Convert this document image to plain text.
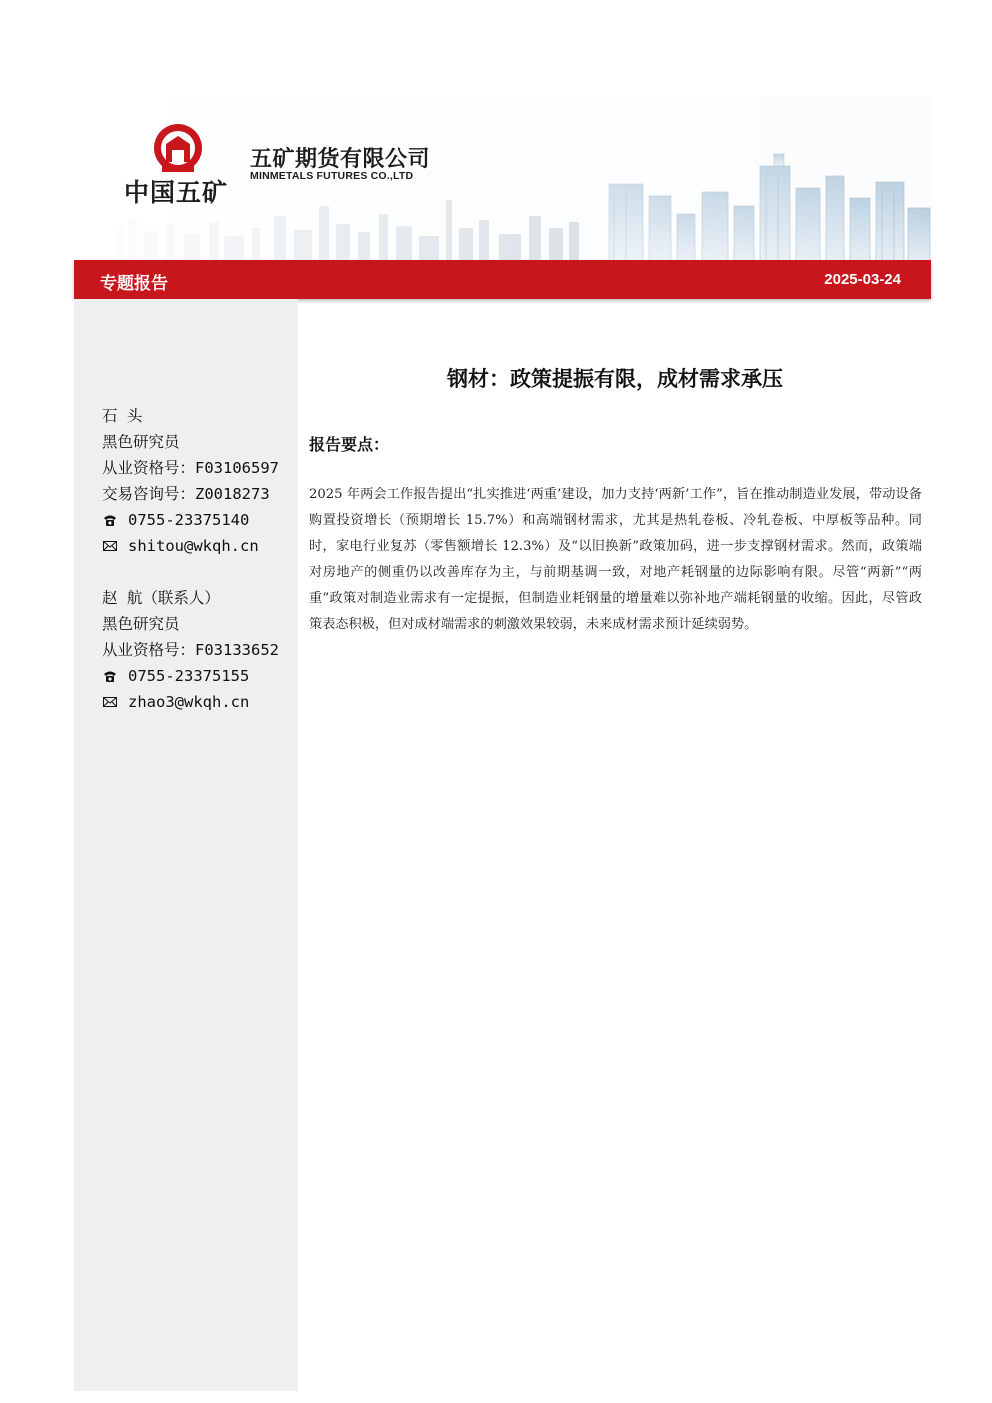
中国五矿
五矿期货有限公司
MINMETALS FUTURES CO.,LTD
专题报告	2025-03-24
石 头
黑色研究员
从业资格号：F03106597
交易咨询号：Z0018273
0755-23375140
shitou@wkqh.cn
赵 航（联系人）
黑色研究员
从业资格号：F03133652
0755-23375155
zhao3@wkqh.cn
钢材：政策提振有限，成材需求承压
报告要点：
2025 年两会工作报告提出“扎实推进‘两重’建设，加力支持‘两新’工作”，旨在推动制造业发展，带动设备购置投资增长（预期增长 15.7%）和高端钢材需求，尤其是热轧卷板、冷轧卷板、中厚板等品种。同时，家电行业复苏（零售额增长 12.3%）及“以旧换新”政策加码，进一步支撑钢材需求。然而，政策端对房地产的侧重仍以改善库存为主，与前期基调一致，对地产耗钢量的边际影响有限。尽管“两新”“两重”政策对制造业需求有一定提振，但制造业耗钢量的增量难以弥补地产端耗钢量的收缩。因此，尽管政策表态积极，但对成材端需求的刺激效果较弱，未来成材需求预计延续弱势。
